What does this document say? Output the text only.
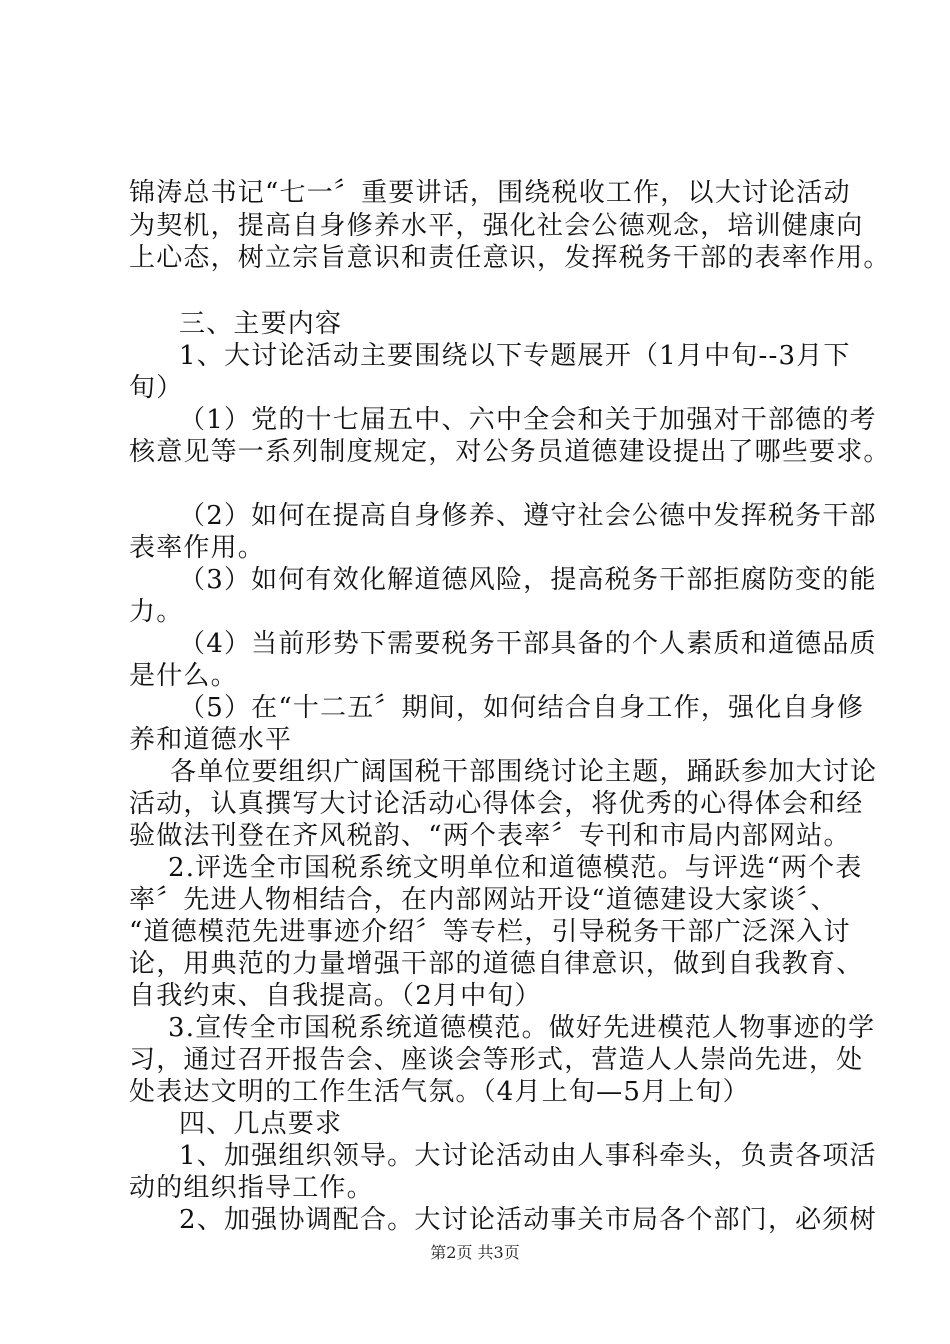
锦涛总书记“七一〞重要讲话，围绕税收工作，以大讨论活动
为契机，提高自身修养水平，强化社会公德观念，培训健康向
上心态，树立宗旨意识和责任意识，发挥税务干部的表率作用。
三、主要内容
1、大讨论活动主要围绕以下专题展开（1月中旬--3月下
旬）
（1）党的十七届五中、六中全会和关于加强对干部德的考
核意见等一系列制度规定，对公务员道德建设提出了哪些要求。
（2）如何在提高自身修养、遵守社会公德中发挥税务干部
表率作用。
（3）如何有效化解道德风险，提高税务干部拒腐防变的能
力。
（4）当前形势下需要税务干部具备的个人素质和道德品质
是什么。
（5）在“十二五〞期间，如何结合自身工作，强化自身修
养和道德水平
各单位要组织广阔国税干部围绕讨论主题，踊跃参加大讨论
活动，认真撰写大讨论活动心得体会，将优秀的心得体会和经
验做法刊登在齐风税韵、“两个表率〞专刊和市局内部网站。
2.评选全市国税系统文明单位和道德模范。与评选“两个表
率〞先进人物相结合，在内部网站开设“道德建设大家谈〞、
“道德模范先进事迹介绍〞等专栏，引导税务干部广泛深入讨
论，用典范的力量增强干部的道德自律意识，做到自我教育、
自我约束、自我提高。（2月中旬）
3.宣传全市国税系统道德模范。做好先进模范人物事迹的学
习，通过召开报告会、座谈会等形式，营造人人崇尚先进，处
处表达文明的工作生活气氛。（4月上旬—5月上旬）
四、几点要求
1、加强组织领导。大讨论活动由人事科牵头，负责各项活
动的组织指导工作。
2、加强协调配合。大讨论活动事关市局各个部门，必须树
第2页 共3页
